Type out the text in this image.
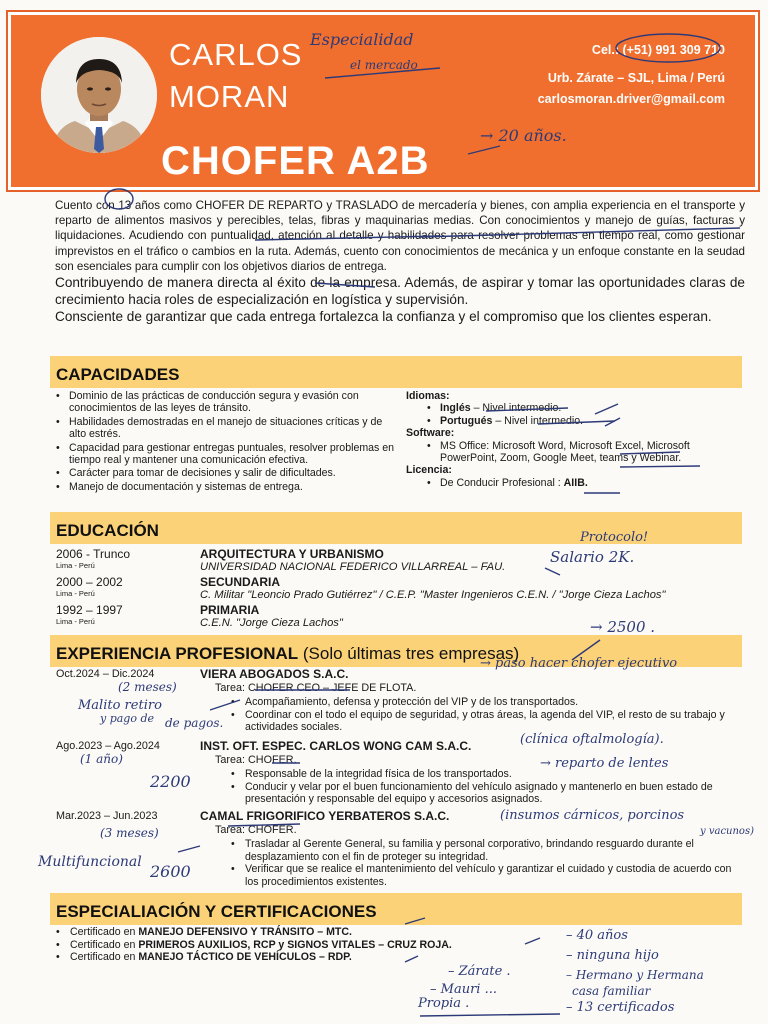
CARLOS
MORAN
CHOFER A2B
Cel.: (+51) 991 309 710
Urb. Zárate – SJL, Lima / Perú
carlosmoran.driver@gmail.com

Cuento con 13 años como CHOFER DE REPARTO y TRASLADO de mercadería y bienes, con amplia experiencia en el transporte y reparto de alimentos masivos y perecibles, telas, fibras y maquinarias medias. Con conocimientos y manejo de guías, facturas y liquidaciones. Acudiendo con puntualidad, atención al detalle y habilidades para resolver problemas en tiempo real, como gestionar imprevistos en el tráfico o cambios en la ruta. Además, cuento con conocimientos de mecánica y un enfoque constante en la seudad son esenciales para cumplir con los objetivos diarios de entrega.

Contribuyendo de manera directa al éxito de la empresa. Además, de aspirar y tomar las oportunidades claras de crecimiento hacia roles de especialización en logística y supervisión.

Consciente de garantizar que cada entrega fortalezca la confianza y el compromiso que los clientes esperan.

CAPACIDADES
• Dominio de las prácticas de conducción segura y evasión con conocimientos de las leyes de tránsito.
• Habilidades demostradas en el manejo de situaciones críticas y de alto estrés.
• Capacidad para gestionar entregas puntuales, resolver problemas en tiempo real y mantener una comunicación efectiva.
• Carácter para tomar de decisiones y salir de dificultades.
• Manejo de documentación y sistemas de entrega.
Idiomas:
• Inglés – Nivel intermedio.
• Portugués – Nivel intermedio.
Software:
• MS Office: Microsoft Word, Microsoft Excel, Microsoft PowerPoint, Zoom, Google Meet, teams y Webinar.
Licencia:
• De Conducir Profesional : AIIB.
EDUCACIÓN
2006 - Trunco
Lima - Perú
ARQUITECTURA Y URBANISMO
UNIVERSIDAD NACIONAL FEDERICO VILLARREAL – FAU.
2000 – 2002
Lima - Perú
SECUNDARIA
C. Militar "Leoncio Prado Gutiérrez" / C.E.P. "Master Ingenieros C.E.N. / "Jorge Cieza Lachos"
1992 – 1997
Lima - Perú
PRIMARIA
C.E.N. "Jorge Cieza Lachos"
EXPERIENCIA PROFESIONAL (Solo últimas tres empresas)
Oct.2024 – Dic.2024	VIERA ABOGADOS S.A.C.
Tarea: CHOFER CEO – JEFE DE FLOTA.
• Acompañamiento, defensa y protección del VIP y de los transportados.
• Coordinar con el todo el equipo de seguridad, y otras áreas, la agenda del VIP, el resto de su trabajo y actividades sociales.
Ago.2023 – Ago.2024	INST. OFT. ESPEC. CARLOS WONG CAM S.A.C.
Tarea: CHOFER.
• Responsable de la integridad física de los transportados.
• Conducir y velar por el buen funcionamiento del vehículo asignado y mantenerlo en buen estado de presentación y responsable del equipo y accesorios asignados.
Mar.2023 – Jun.2023	CAMAL FRIGORIFICO YERBATEROS S.A.C.
Tarea: CHOFER.
• Trasladar al Gerente General, su familia y personal corporativo, brindando resguardo durante el desplazamiento con el fin de proteger su integridad.
• Verificar que se realice el mantenimiento del vehículo y garantizar el cuidado y custodia de acuerdo con los procedimientos existentes.
ESPECIALIACIÓN Y CERTIFICACIONES
• Certificado en MANEJO DEFENSIVO Y TRÁNSITO – MTC.
• Certificado en PRIMEROS AUXILIOS, RCP y SIGNOS VITALES – CRUZ ROJA.
• Certificado en MANEJO TÁCTICO DE VEHÍCULOS – RDP.
Especialidad
el mercado
→ 20 años.
Protocolo!
Salario 2K.
→ 2500 .
→ paso hacer chofer ejecutivo
(2 meses)
Malito retiro
y pago de de pagos.
(clínica oftalmología).
(1 año)	→ reparto de lentes
2200
(3 meses)
(insumos cárnicos, porcinos
y vacunos)
Multifuncional 2600
– 40 años
– ninguna hijo
– Zárate .	– Hermano y Hermana
– Mauri ...	casa familiar
Propia .	– 13 certificados
